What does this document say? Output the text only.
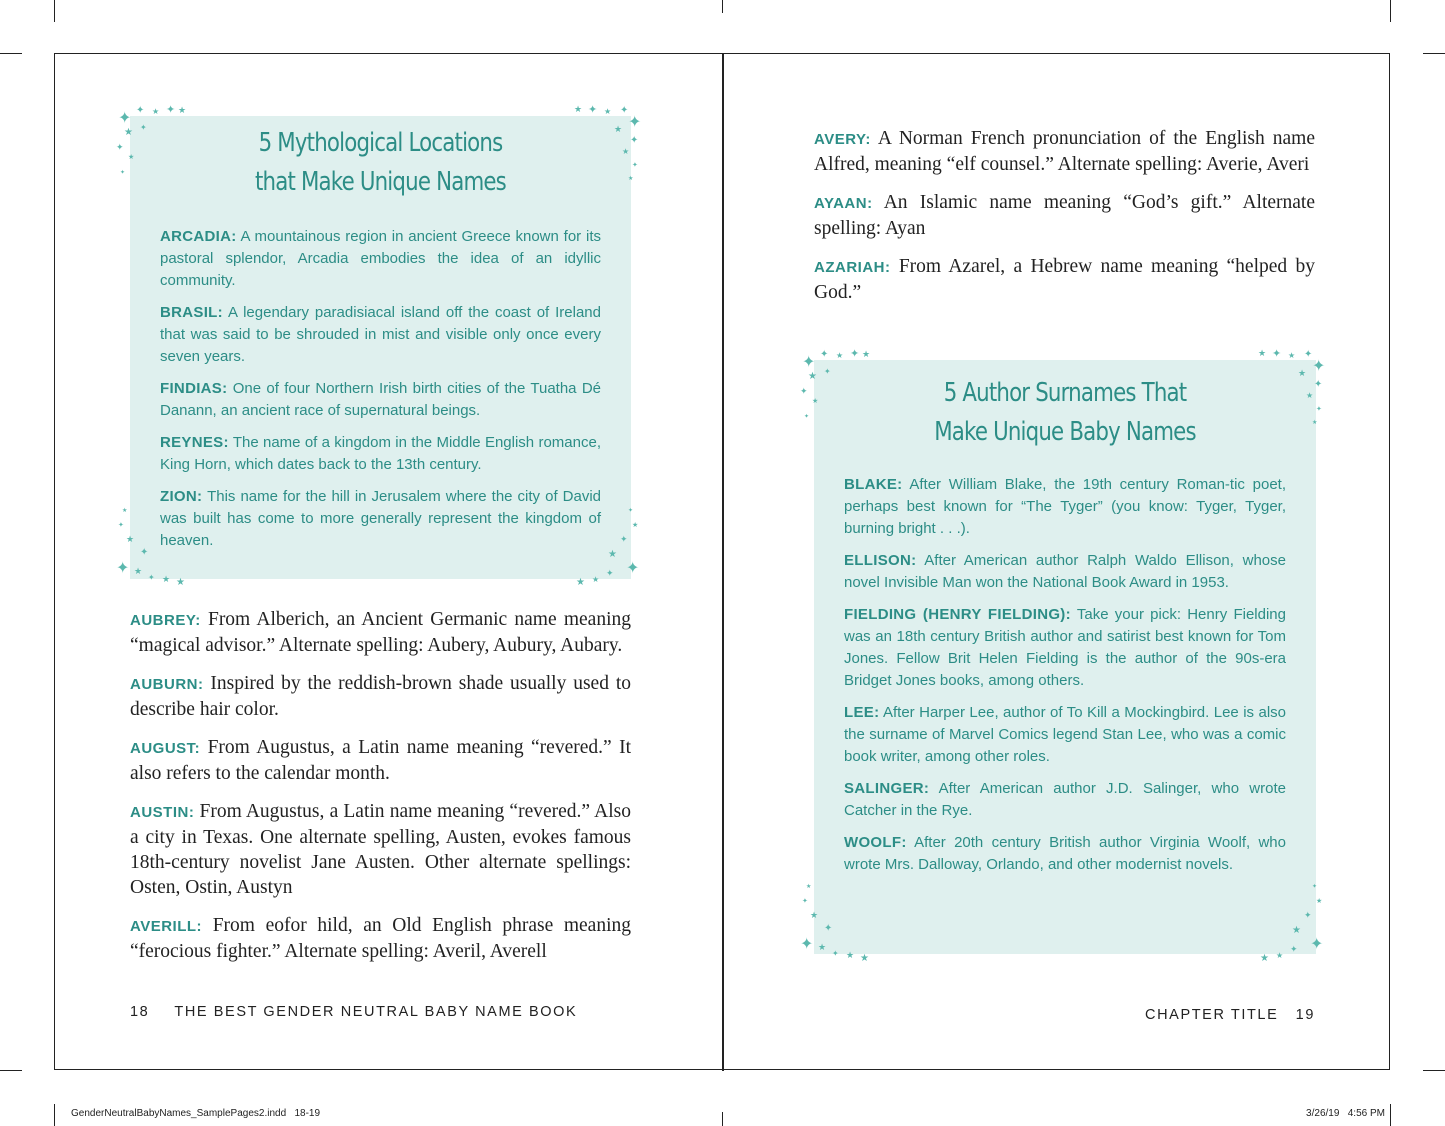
5 Mythological Locations
that Make Unique Names

ARCADIA: A mountainous region in ancient Greece known for its pastoral splendor, Arcadia embodies the idea of an idyllic community.

BRASIL: A legendary paradisiacal island off the coast of Ireland that was said to be shrouded in mist and visible only once every seven years.

FINDIAS: One of four Northern Irish birth cities of the Tuatha Dé Danann, an ancient race of supernatural beings.

REYNES: The name of a kingdom in the Middle English romance, King Horn, which dates back to the 13th century.

ZION: This name for the hill in Jerusalem where the city of David was built has come to more generally represent the kingdom of heaven.

✦ ✦ ★ ✦ ★
★ ✦
✦
★
✦
★ ✦ ★ ✦
✦
★
✦
★
✦
★
★
✦
★
✦
✦ ★
✦ ★ ★
✦
★
✦
★
✦
✦
★
★

AUBREY: From Alberich, an Ancient Germanic name meaning “magical advisor.” Alternate spelling: Aubery, Aubury, Aubary.

AUBURN: Inspired by the reddish-brown shade usually used to describe hair color.

AUGUST: From Augustus, a Latin name meaning “revered.” It also refers to the calendar month.

AUSTIN: From Augustus, a Latin name meaning “revered.” Also a city in Texas. One alternate spelling, Austen, evokes famous 18th-century novelist Jane Austen. Other alternate spellings: Osten, Ostin, Austyn

AVERILL: From eofor hild, an Old English phrase meaning “ferocious fighter.” Alternate spelling: Averil, Averell

18 THE BEST GENDER NEUTRAL BABY NAME BOOK

AVERY: A Norman French pronunciation of the English name Alfred, meaning “elf counsel.” Alternate spelling: Averie, Averi

AYAAN: An Islamic name meaning “God’s gift.” Alternate spelling: Ayan

AZARIAH: From Azarel, a Hebrew name meaning “helped by God.”

5 Author Surnames That
Make Unique Baby Names

BLAKE: After William Blake, the 19th century Roman-tic poet, perhaps best known for “The Tyger” (you know: Tyger, Tyger, burning bright . . .).

ELLISON: After American author Ralph Waldo Ellison, whose novel Invisible Man won the National Book Award in 1953.

FIELDING (HENRY FIELDING): Take your pick: Henry Fielding was an 18th century British author and satirist best known for Tom Jones. Fellow Brit Helen Fielding is the author of the 90s-era Bridget Jones books, among others.

LEE: After Harper Lee, author of To Kill a Mockingbird. Lee is also the surname of Marvel Comics legend Stan Lee, who was a comic book writer, among other roles.

SALINGER: After American author J.D. Salinger, who wrote Catcher in the Rye.

WOOLF: After 20th century British author Virginia Woolf, who wrote Mrs. Dalloway, Orlando, and other modernist novels.

✦ ✦ ★ ✦ ★
★ ✦
✦
★
✦
★ ✦ ★ ✦
✦
★
✦
★
✦
★
★
✦
★
✦
✦ ★
✦ ★ ★
✦
★
✦
★
✦
✦
★
★
CHAPTER TITLE 19
GenderNeutralBabyNames_SamplePages2.indd   18-19	3/26/19   4:56 PM
